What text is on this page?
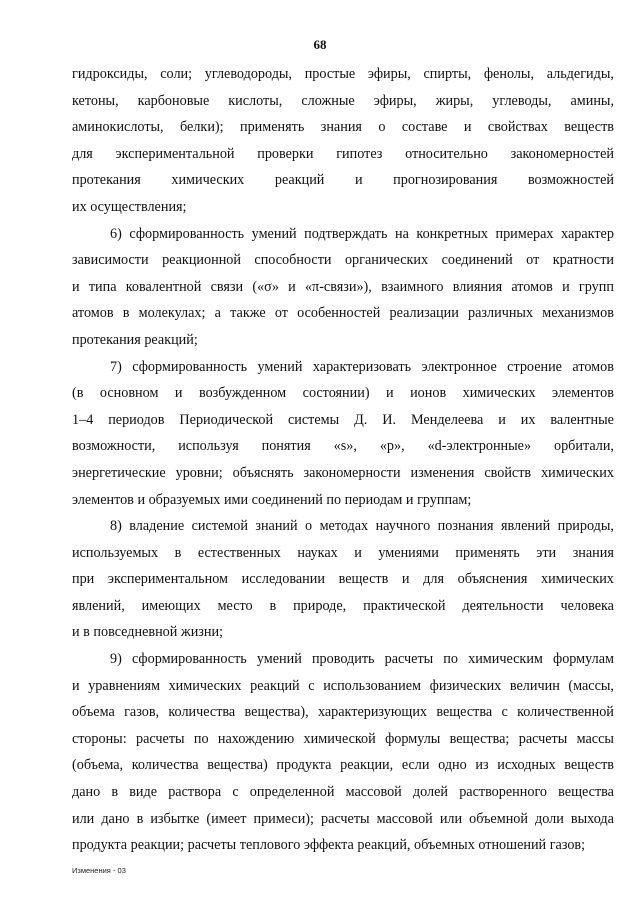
68
гидроксиды, соли; углеводороды, простые эфиры, спирты, фенолы, альдегиды,
кетоны, карбоновые кислоты, сложные эфиры, жиры, углеводы, амины,
аминокислоты, белки); применять знания о составе и свойствах веществ
для экспериментальной проверки гипотез относительно закономерностей
протекания химических реакций и прогнозирования возможностей
их осуществления;
6) сформированность умений подтверждать на конкретных примерах характер
зависимости реакционной способности органических соединений от кратности
и типа ковалентной связи («σ» и «π-связи»), взаимного влияния атомов и групп
атомов в молекулах; а также от особенностей реализации различных механизмов
протекания реакций;
7) сформированность умений характеризовать электронное строение атомов
(в основном и возбужденном состоянии) и ионов химических элементов
1–4 периодов Периодической системы Д. И. Менделеева и их валентные
возможности, используя понятия «s», «p», «d-электронные» орбитали,
энергетические уровни; объяснять закономерности изменения свойств химических
элементов и образуемых ими соединений по периодам и группам;
8) владение системой знаний о методах научного познания явлений природы,
используемых в естественных науках и умениями применять эти знания
при экспериментальном исследовании веществ и для объяснения химических
явлений, имеющих место в природе, практической деятельности человека
и в повседневной жизни;
9) сформированность умений проводить расчеты по химическим формулам
и уравнениям химических реакций с использованием физических величин (массы,
объема газов, количества вещества), характеризующих вещества с количественной
стороны: расчеты по нахождению химической формулы вещества; расчеты массы
(объема, количества вещества) продукта реакции, если одно из исходных веществ
дано в виде раствора с определенной массовой долей растворенного вещества
или дано в избытке (имеет примеси); расчеты массовой или объемной доли выхода
продукта реакции; расчеты теплового эффекта реакций, объемных отношений газов;
Изменения - 03
